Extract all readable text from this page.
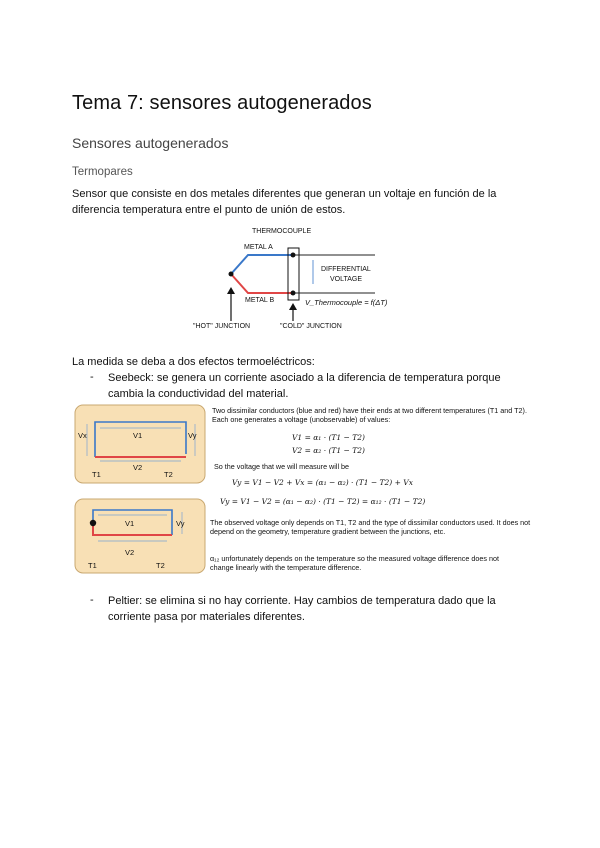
Tema 7: sensores autogenerados
Sensores autogenerados
Termopares
Sensor que consiste en dos metales diferentes que generan un voltaje en función de la diferencia temperatura entre el punto de unión de estos.
THERMOCOUPLE
METAL A
METAL B
DIFFERENTIAL
VOLTAGE
V_Thermocouple = f(ΔT)
"HOT" JUNCTION	"COLD" JUNCTION
La medida se deba a dos efectos termoeléctricos:
- Seebeck: se genera un corriente asociado a la diferencia de temperatura porque cambia la conductividad del material.
V1
V2
Vx	Vy
T1	T2
V1
V2
Vy
T1	T2
Two dissimilar conductors (blue and red) have their ends at two different temperatures (T1 and T2). Each one generates a voltage (unobservable) of values:
V1 = α₁ · (T1 − T2)
V2 = α₂ · (T1 − T2)
So the voltage that we will measure will be
Vy = V1 − V2 + Vx = (α₁ − α₂) · (T1 − T2) + Vx
Vy = V1 − V2 = (α₁ − α₂) · (T1 − T2) = α₁₂ · (T1 − T2)
The observed voltage only depends on T1, T2 and the type of dissimilar conductors used. It does not depend on the geometry, temperature gradient between the junctions, etc.
α₁₂ unfortunately depends on the temperature so the measured voltage difference does not change linearly with the temperature difference.
- Peltier: se elimina si no hay corriente. Hay cambios de temperatura dado que la corriente pasa por materiales diferentes.
